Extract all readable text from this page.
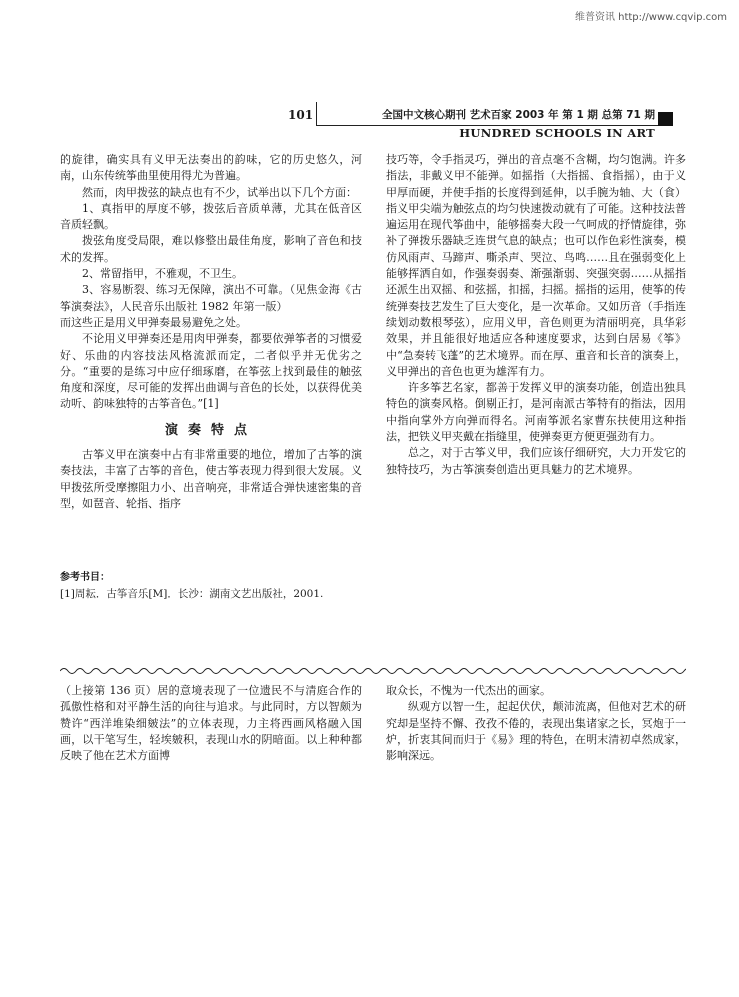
维普资讯 http://www.cqvip.com
101	全国中文核心期刊 艺术百家 2003 年 第 1 期 总第 71 期
HUNDRED SCHOOLS IN ART

的旋律，确实具有义甲无法奏出的韵味，它的历史悠久，河南，山东传统筝曲里使用得尤为普遍。

然而，肉甲拨弦的缺点也有不少，试举出以下几个方面：

1、真指甲的厚度不够，拨弦后音质单薄，尤其在低音区音质轻飘。

拨弦角度受局限，难以修整出最佳角度，影响了音色和技术的发挥。

2、常留指甲，不雅观，不卫生。

3、容易断裂、练习无保障，演出不可靠。（见焦金海《古筝演奏法》，人民音乐出版社 1982 年第一版）

而这些正是用义甲弹奏最易避免之处。

不论用义甲弹奏还是用肉甲弹奏，都要依弹筝者的习惯爱好、乐曲的内容技法风格流派而定，二者似乎并无优劣之分。“重要的是练习中应仔细琢磨，在筝弦上找到最佳的触弦角度和深度，尽可能的发挥出曲调与音色的长处，以获得优美动听、韵味独特的古筝音色。”[1]

演奏特点

古筝义甲在演奏中占有非常重要的地位，增加了古筝的演奏技法，丰富了古筝的音色，使古筝表现力得到很大发展。义甲拨弦所受摩擦阻力小、出音响亮，非常适合弹快速密集的音型，如琶音、轮指、指序

技巧等，令手指灵巧，弹出的音点毫不含糊，均匀饱满。许多指法，非戴义甲不能弹。如摇指（大指摇、食指摇），由于义甲厚而硬，并使手指的长度得到延伸，以手腕为轴、大（食）指义甲尖端为触弦点的均匀快速拨动就有了可能。这种技法普遍运用在现代筝曲中，能够摇奏大段一气呵成的抒情旋律，弥补了弹拨乐器缺乏连贯气息的缺点；也可以作色彩性演奏，模仿风雨声、马蹄声、嘶杀声、哭泣、鸟鸣……且在强弱变化上能够挥洒自如，作强奏弱奏、渐强渐弱、突强突弱……从摇指还派生出双摇、和弦摇，扣摇，扫摇。摇指的运用，使筝的传统弹奏技艺发生了巨大变化，是一次革命。又如历音（手指连续划动数根琴弦），应用义甲，音色则更为清丽明亮，具华彩效果，并且能很好地适应各种速度要求，达到白居易《筝》中“急奏转飞蓬”的艺术境界。而在厚、重音和长音的演奏上，义甲弹出的音色也更为雄浑有力。

许多筝艺名家，都善于发挥义甲的演奏功能，创造出独具特色的演奏风格。倒剔正打，是河南派古筝特有的指法，因用中指向掌外方向弹而得名。河南筝派名家曹东扶使用这种指法，把铁义甲夹戴在指缝里，使弹奏更方便更强劲有力。

总之，对于古筝义甲，我们应该仔细研究，大力开发它的独特技巧，为古筝演奏创造出更具魅力的艺术境界。

参考书目：
[1]周耘．古筝音乐[M]．长沙：湖南文艺出版社，2001.

（上接第 136 页）居的意境表现了一位遗民不与清庭合作的孤傲性格和对平静生活的向往与追求。与此同时，方以智颇为赞许“西洋堆染细皴法”的立体表现，力主将西画风格融入国画，以干笔写生，轻埃皴积，表现山水的阴暗面。以上种种都反映了他在艺术方面博

取众长，不愧为一代杰出的画家。

纵观方以智一生，起起伏伏，颠沛流离，但他对艺术的研究却是坚持不懈、孜孜不倦的，表现出集诸家之长，冥炮于一炉，折衷其间而归于《易》理的特色，在明末清初卓然成家，影响深远。
